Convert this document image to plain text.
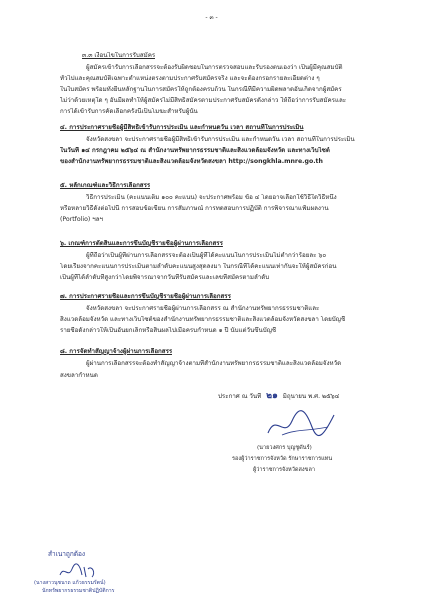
- ๓ -
๓.๓ เงื่อนไขในการรับสมัคร
ผู้สมัครเข้ารับการเลือกสรรจะต้องรับผิดชอบในการตรวจสอบและรับรองตนเองว่า เป็นผู้มีคุณสมบัติ
ทั่วไปและคุณสมบัติเฉพาะตำแหน่งตรงตามประกาศรับสมัครจริง และจะต้องกรอกรายละเอียดต่าง ๆ
ในใบสมัคร พร้อมทั้งยื่นหลักฐานในการสมัครให้ถูกต้องครบถ้วน ในกรณีที่มีความผิดพลาดอันเกิดจากผู้สมัคร
ไม่ว่าด้วยเหตุใด ๆ อันมีผลทำให้ผู้สมัครไม่มีสิทธิสมัครตามประกาศรับสมัครดังกล่าว ให้ถือว่าการรับสมัครและ
การได้เข้ารับการคัดเลือกครั้งนี้เป็นโมฆะสำหรับผู้นั้น
๔. การประกาศรายชื่อผู้มีสิทธิเข้ารับการประเมิน และกำหนดวัน เวลา สถานที่ในการประเมิน
จังหวัดสงขลา จะประกาศรายชื่อผู้มีสิทธิเข้ารับการประเมิน และกำหนดวัน เวลา สถานที่ในการประเมิน
ในวันที่ ๑๔ กรกฎาคม ๒๕๖๔ ณ สำนักงานทรัพยากรธรรมชาติและสิ่งแวดล้อมจังหวัด และทางเว็บไซต์
ของสำนักงานทรัพยากรธรรมชาติและสิ่งแวดล้อมจังหวัดสงขลา http://songkhla.mnre.go.th
๕. หลักเกณฑ์และวิธีการเลือกสรร
วิธีการประเมิน (คะแนนเต็ม ๑๐๐ คะแนน) จะประกาศพร้อม ข้อ ๔ โดยอาจเลือกใช้วิธีใดวิธีหนึ่ง
หรือหลายวิธีดังต่อไปนี้ การสอบข้อเขียน การสัมภาษณ์ การทดสอบการปฏิบัติ การพิจารณาแฟ้มผลงาน
(Portfolio) ฯลฯ
๖. เกณฑ์การตัดสินและการขึ้นบัญชีรายชื่อผู้ผ่านการเลือกสรร
ผู้ที่ถือว่าเป็นผู้ที่ผ่านการเลือกสรรจะต้องเป็นผู้ที่ได้คะแนนในการประเมินไม่ต่ำกว่าร้อยละ ๖๐
โดยเรียงจากคะแนนการประเมินตามลำดับคะแนนสูงสุดลงมา ในกรณีที่ได้คะแนนเท่ากันจะให้ผู้สมัครก่อน
เป็นผู้ที่ได้ลำดับที่สูงกว่าโดยพิจารณาจากวันที่รับสมัครและเลขที่สมัครตามลำดับ
๗. การประกาศรายชื่อและการขึ้นบัญชีรายชื่อผู้ผ่านการเลือกสรร
จังหวัดสงขลา จะประกาศรายชื่อผู้ผ่านการเลือกสรร ณ สำนักงานทรัพยากรธรรมชาติและ
สิ่งแวดล้อมจังหวัด และทางเว็บไซต์ของสำนักงานทรัพยากรธรรมชาติและสิ่งแวดล้อมจังหวัดสงขลา โดยบัญชี
รายชื่อดังกล่าวให้เป็นอันยกเลิกหรือสิ้นผลไปเมื่อครบกำหนด ๑ ปี นับแต่วันขึ้นบัญชี
๘. การจัดทำสัญญาจ้างผู้ผ่านการเลือกสรร
ผู้ผ่านการเลือกสรรจะต้องทำสัญญาจ้างตามที่สำนักงานทรัพยากรธรรมชาติและสิ่งแวดล้อมจังหวัด
สงขลากำหนด
ประกาศ ณ วันที่ ๒๑ มิถุนายน พ.ศ. ๒๕๖๔
(นายวงศกร บุญชูดันร์)
รองผู้ว่าราชการจังหวัด รักษาราชการแทน
ผู้ว่าราชการจังหวัดสงขลา
สำเนาถูกต้อง
(นางสาวนุชนาถ แก้วธรรมรัตน์)
นักทรัพยากรธรรมชาติปฏิบัติการ
